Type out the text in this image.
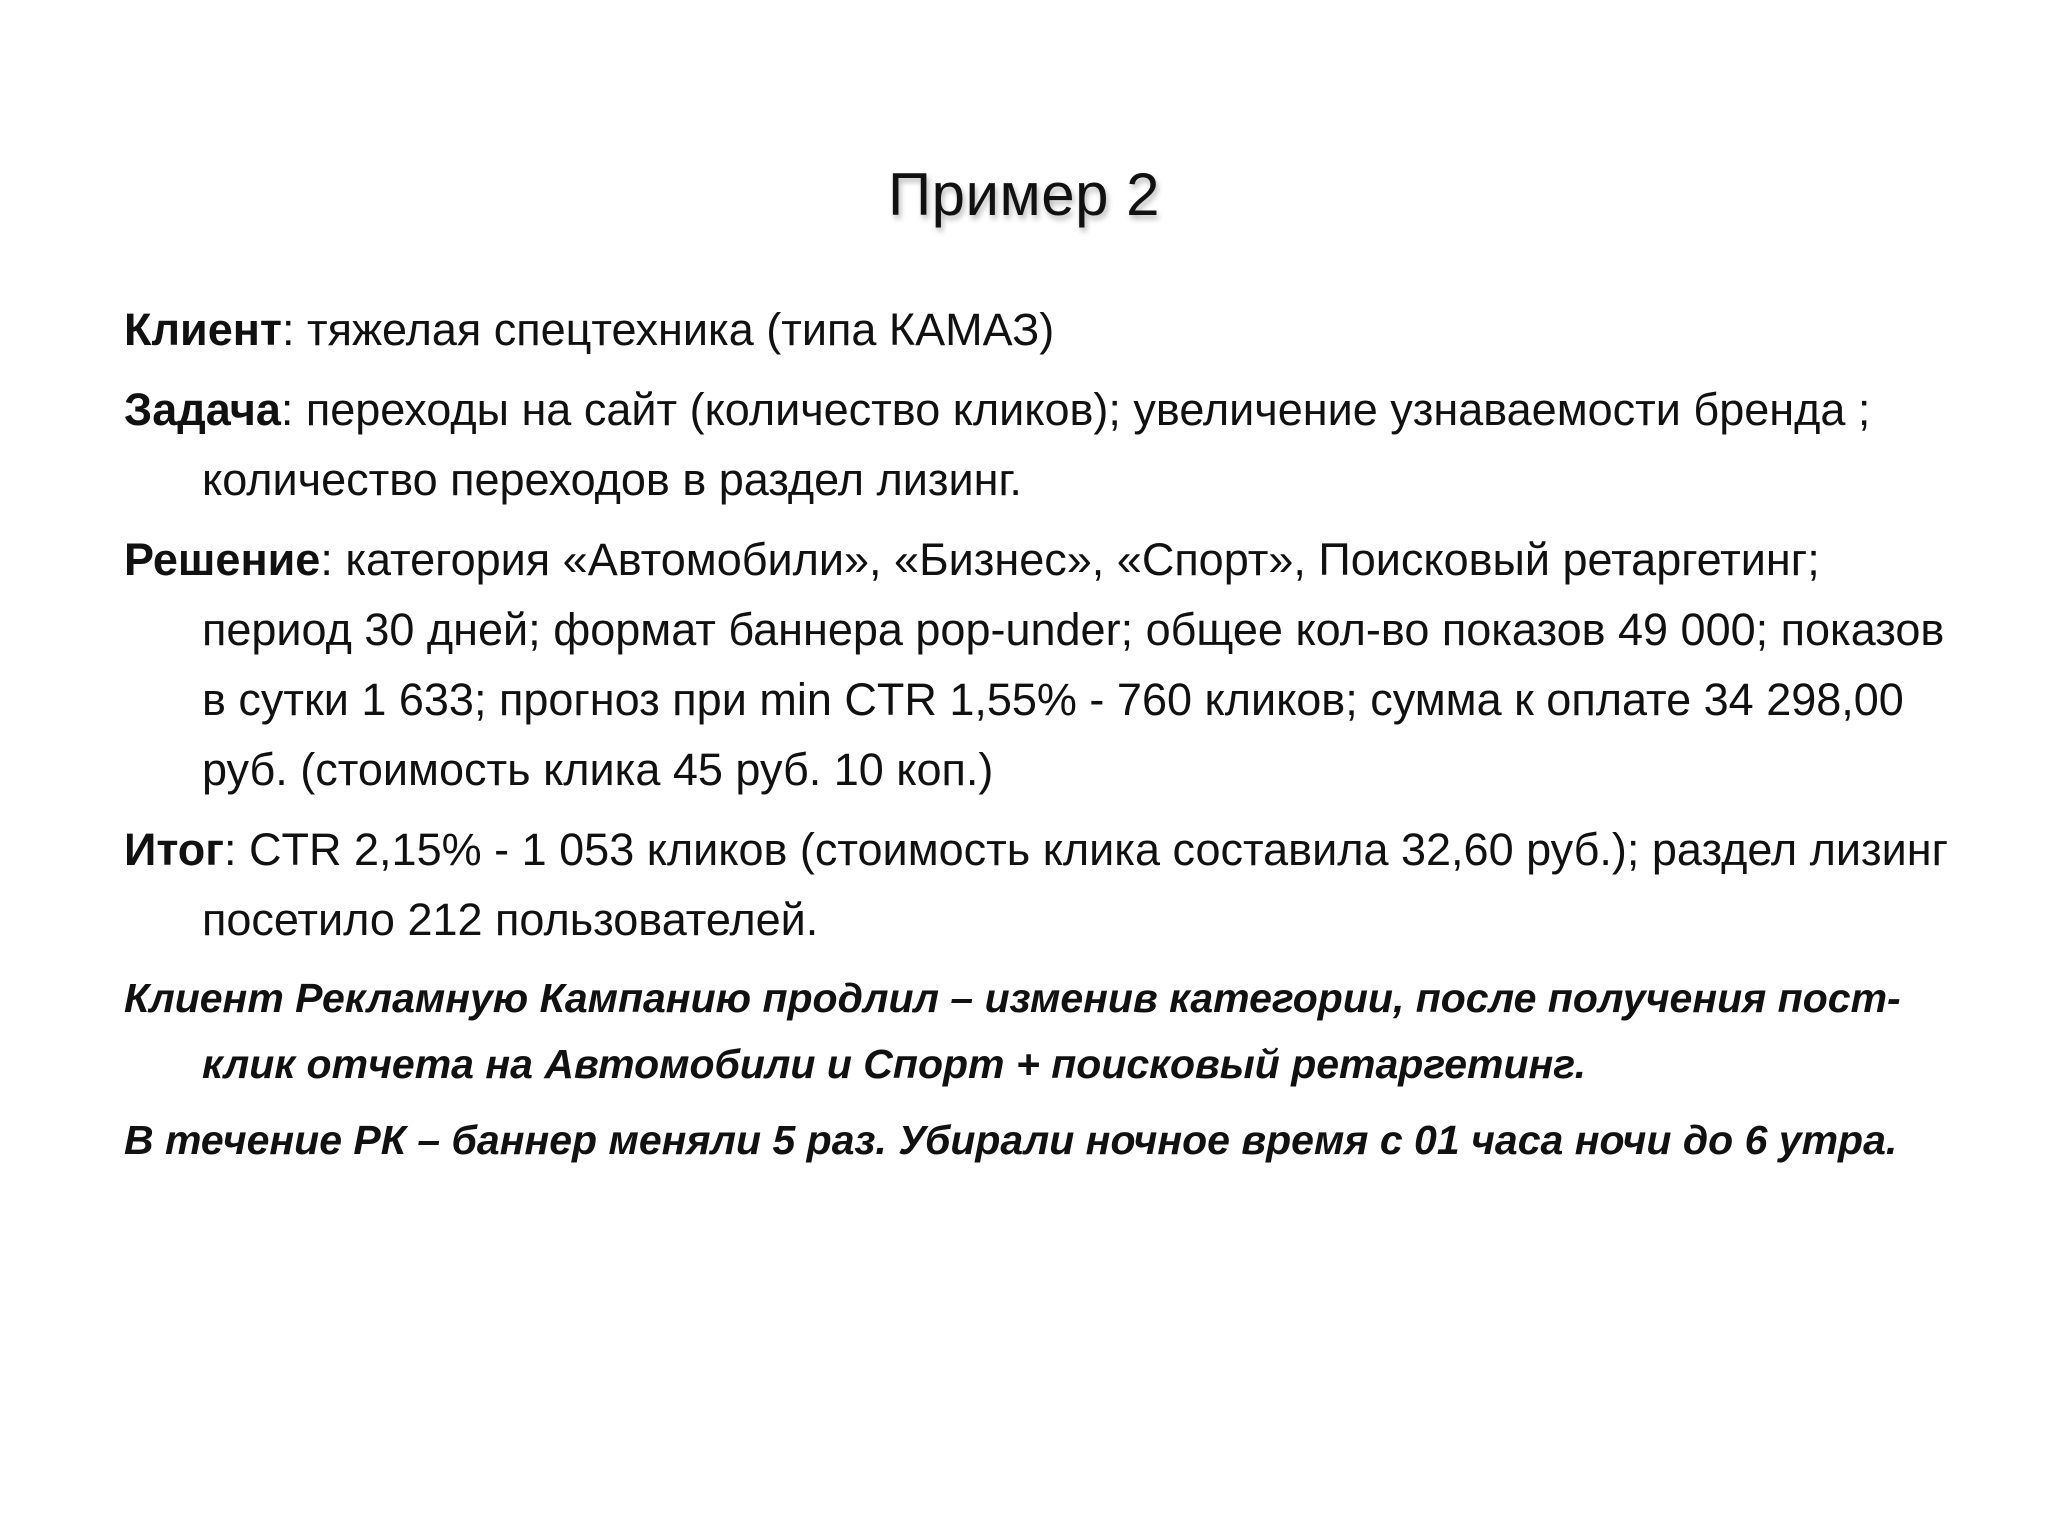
Пример 2

Клиент: тяжелая спецтехника (типа КАМАЗ)

Задача: переходы на сайт (количество кликов); увеличение узнаваемости бренда ; количество переходов в раздел лизинг.

Решение: категория «Автомобили», «Бизнес», «Спорт», Поисковый ретаргетинг; период 30 дней; формат баннера pop-under; общее кол-во показов 49 000; показов в сутки 1 633; прогноз при min CTR 1,55% - 760 кликов; сумма к оплате 34 298,00 руб. (стоимость клика 45 руб. 10 коп.)

Итог: CTR 2,15% - 1 053 кликов (стоимость клика составила 32,60 руб.); раздел лизинг посетило 212 пользователей.

Клиент Рекламную Кампанию продлил – изменив категории, после получения пост-клик отчета на Автомобили и Спорт + поисковый ретаргетинг.

В течение РК – баннер меняли 5 раз. Убирали ночное время с 01 часа ночи до 6 утра.
